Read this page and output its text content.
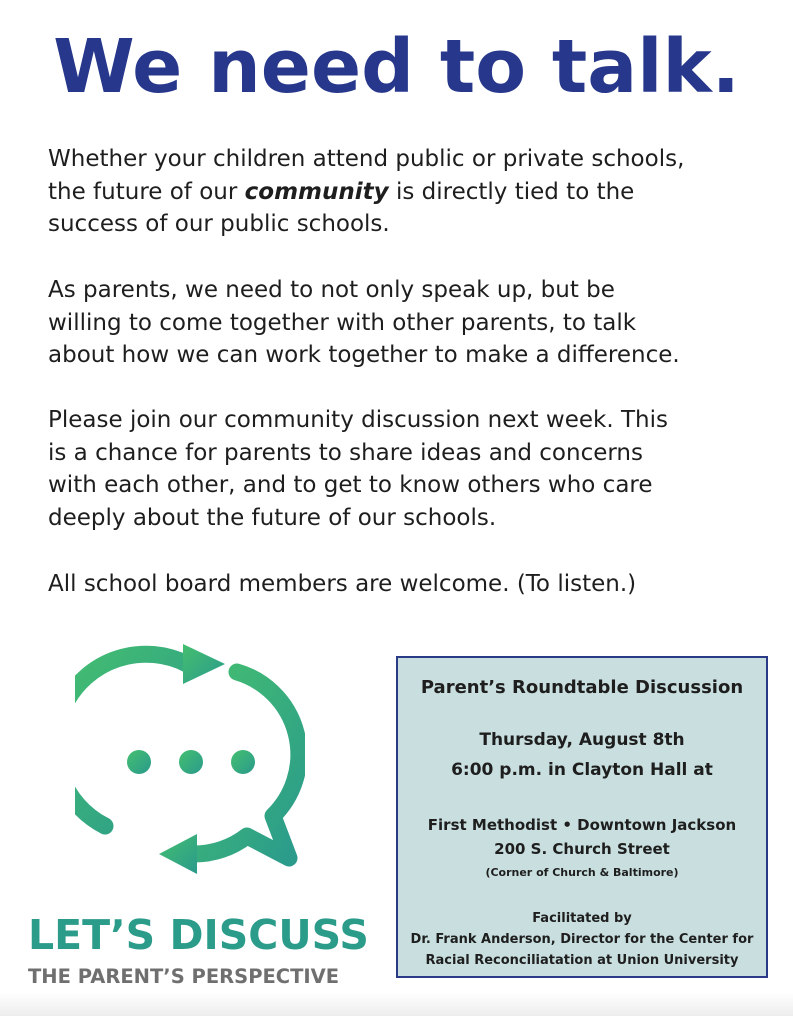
We need to talk.
Whether your children attend public or private schools,
the future of our community is directly tied to the
success of our public schools.
As parents, we need to not only speak up, but be
willing to come together with other parents, to talk
about how we can work together to make a difference.
Please join our community discussion next week. This
is a chance for parents to share ideas and concerns
with each other, and to get to know others who care
deeply about the future of our schools.
All school board members are welcome. (To listen.)
LET’S DISCUSS
THE PARENT’S PERSPECTIVE
Parent’s Roundtable Discussion
Thursday, August 8th
6:00 p.m. in Clayton Hall at
First Methodist • Downtown Jackson
200 S. Church Street
(Corner of Church & Baltimore)
Facilitated by
Dr. Frank Anderson, Director for the Center for
Racial Reconciliatation at Union University
